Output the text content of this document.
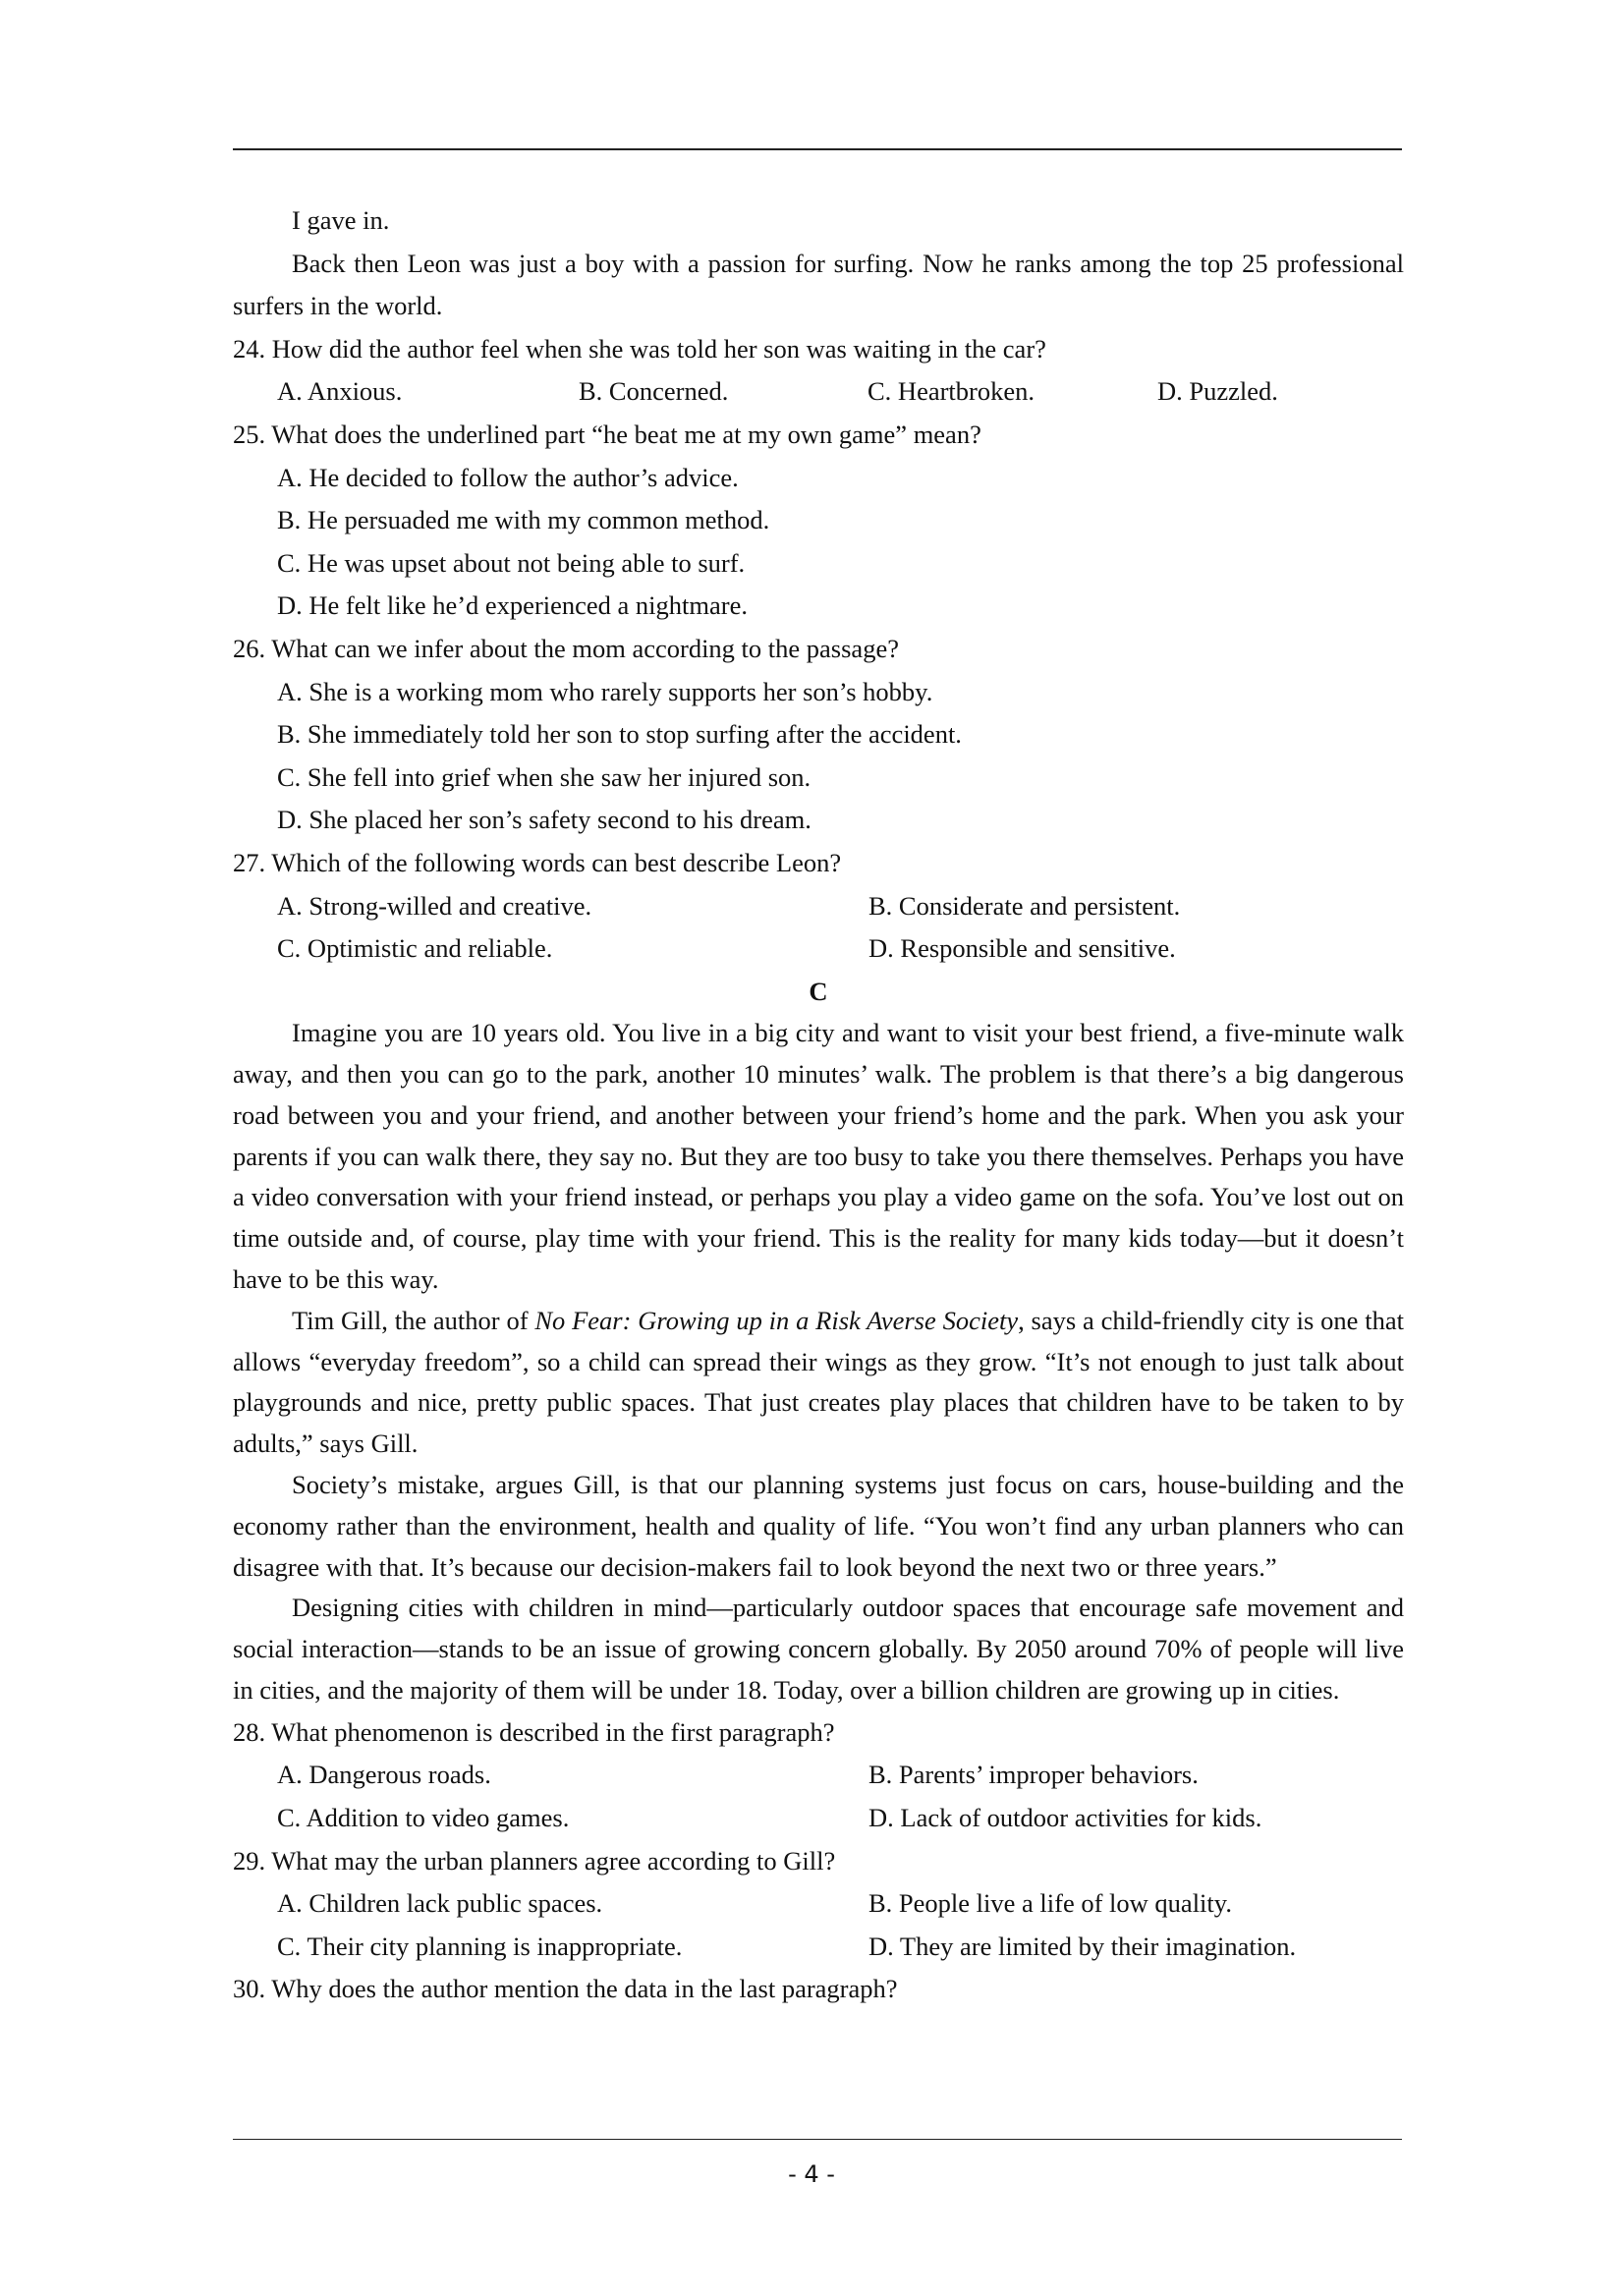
I gave in.

Back then Leon was just a boy with a passion for surfing. Now he ranks among the top 25 professional surfers in the world.

24. How did the author feel when she was told her son was waiting in the car?
A. Anxious.	B. Concerned.	C. Heartbroken.	D. Puzzled.
25. What does the underlined part “he beat me at my own game” mean?
A. He decided to follow the author’s advice.
B. He persuaded me with my common method.
C. He was upset about not being able to surf.
D. He felt like he’d experienced a nightmare.
26. What can we infer about the mom according to the passage?
A. She is a working mom who rarely supports her son’s hobby.
B. She immediately told her son to stop surfing after the accident.
C. She fell into grief when she saw her injured son.
D. She placed her son’s safety second to his dream.
27. Which of the following words can best describe Leon?
A. Strong-willed and creative.	B. Considerate and persistent.
C. Optimistic and reliable.	D. Responsible and sensitive.
C

Imagine you are 10 years old. You live in a big city and want to visit your best friend, a five-minute walk away, and then you can go to the park, another 10 minutes’ walk. The problem is that there’s a big dangerous road between you and your friend, and another between your friend’s home and the park. When you ask your parents if you can walk there, they say no. But they are too busy to take you there themselves. Perhaps you have a video conversation with your friend instead, or perhaps you play a video game on the sofa. You’ve lost out on time outside and, of course, play time with your friend. This is the reality for many kids today—but it doesn’t have to be this way.

Tim Gill, the author of No Fear: Growing up in a Risk Averse Society, says a child-friendly city is one that allows “everyday freedom”, so a child can spread their wings as they grow. “It’s not enough to just talk about playgrounds and nice, pretty public spaces. That just creates play places that children have to be taken to by adults,” says Gill.

Society’s mistake, argues Gill, is that our planning systems just focus on cars, house-building and the economy rather than the environment, health and quality of life. “You won’t find any urban planners who can disagree with that. It’s because our decision-makers fail to look beyond the next two or three years.”

Designing cities with children in mind—particularly outdoor spaces that encourage safe movement and social interaction—stands to be an issue of growing concern globally. By 2050 around 70% of people will live in cities, and the majority of them will be under 18. Today, over a billion children are growing up in cities.

28. What phenomenon is described in the first paragraph?
A. Dangerous roads.	B. Parents’ improper behaviors.
C. Addition to video games.	D. Lack of outdoor activities for kids.
29. What may the urban planners agree according to Gill?
A. Children lack public spaces.	B. People live a life of low quality.
C. Their city planning is inappropriate.	D. They are limited by their imagination.
30. Why does the author mention the data in the last paragraph?
- 4 -
